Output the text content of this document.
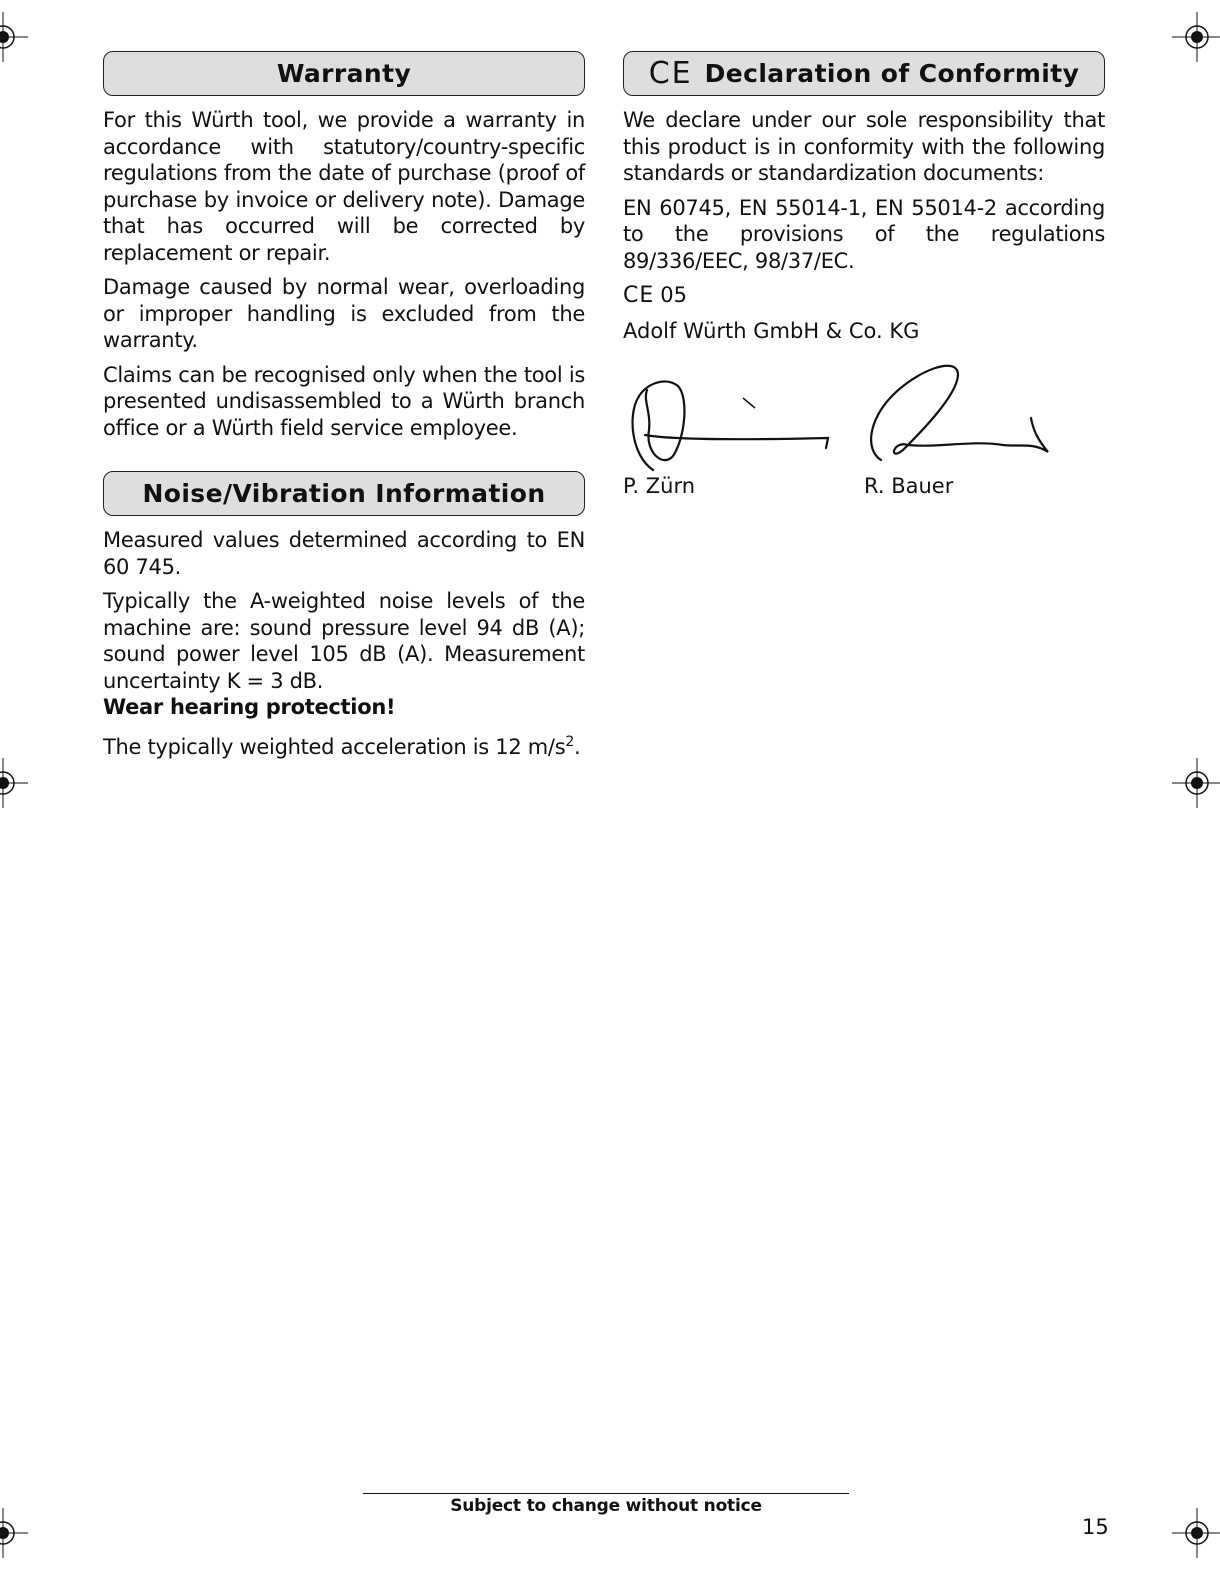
Warranty

For this Würth tool, we provide a warranty in accordance with statutory/country-specific regulations from the date of purchase (proof of purchase by invoice or delivery note). Damage that has occurred will be corrected by replacement or repair.

Damage caused by normal wear, overloading or improper handling is excluded from the warranty.

Claims can be recognised only when the tool is presented undisassembled to a Würth branch office or a Würth field service employee.

Noise/Vibration Information

Measured values determined according to EN 60 745.

Typically the A-weighted noise levels of the machine are: sound pressure level 94 dB (A); sound power level 105 dB (A). Measurement uncertainty K = 3 dB.

Wear hearing protection!

The typically weighted acceleration is 12 $m/s^2$.

CE Declaration of Conformity

We declare under our sole responsibility that this product is in conformity with the following standards or standardization documents:

EN 60745, EN 55014-1, EN 55014-2 according to the provisions of the regulations 89/336/EEC, 98/37/EC.

CE 05

Adolf Würth GmbH & Co. KG

P. Zürn	R. Bauer
Subject to change without notice
15
